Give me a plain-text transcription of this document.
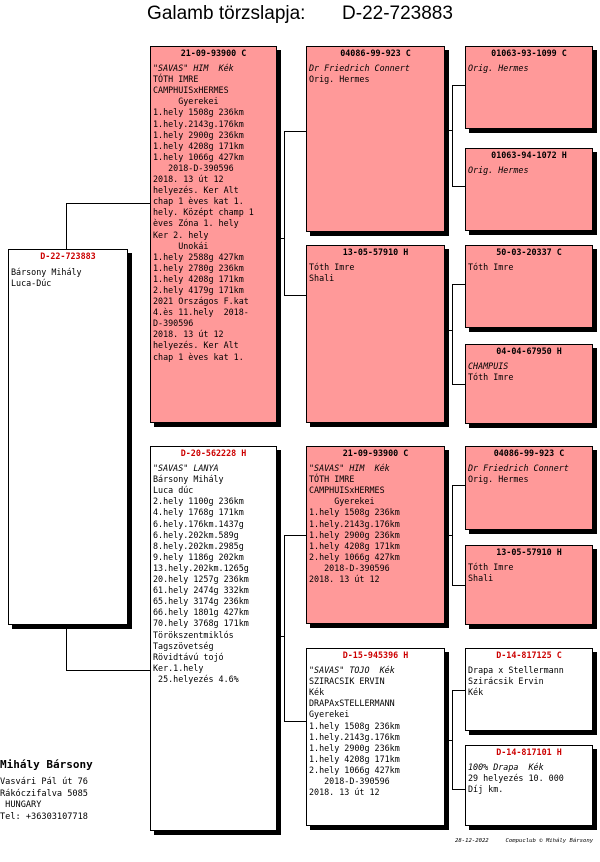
Galamb törzslapja: D-22-723883
D-22-723883
Bársony Mihály
Luca-Dúc
21-09-93900 C
"SAVAS" HIM Kék
TÓTH IMRE
CAMPHUISxHERMES
Gyerekei
1.hely 1508g 236km
1.hely.2143g.176km
1.hely 2900g 236km
1.hely 4208g 171km
1.hely 1066g 427km
2018-D-390596
2018. 13 út 12
helyezés. Ker Alt
chap 1 èves kat 1.
hely. Középt champ 1
èves Zóna 1. hely
Ker 2. hely
Unokái
1.hely 2588g 427km
1.hely 2780g 236km
1.hely 4208g 171km
2.hely 4179g 171km
2021 Országos F.kat
4.ès 11.hely  2018-
D-390596
2018. 13 út 12
helyezés. Ker Alt
chap 1 èves kat 1.
D-20-562228 H
"SAVAS" LANYA
Bársony Mihály
Luca dúc
2.hely 1100g 236km
4.hely 1768g 171km
6.hely.176km.1437g
6.hely.202km.589g
8.hely.202km.2985g
9.hely 1186g 202km
13.hely.202km.1265g
20.hely 1257g 236km
61.hely 2474g 332km
65.hely 3174g 236km
66.hely 1801g 427km
70.hely 3768g 171km
Törökszentmiklós
Tagszövetség
Rövidtávú tojó
Ker.1.hely
25.helyezés 4.6%
04086-99-923 C
Dr Friedrich Connert
Orig. Hermes
13-05-57910 H
Tóth Imre
Shali
21-09-93900 C
"SAVAS" HIM Kék
TÓTH IMRE
CAMPHUISxHERMES
Gyerekei
1.hely 1508g 236km
1.hely.2143g.176km
1.hely 2900g 236km
1.hely 4208g 171km
2.hely 1066g 427km
2018-D-390596
2018. 13 út 12
D-15-945396 H
"SAVAS" TOJO Kék
SZIRACSIK ERVIN
Kék
DRAPAxSTELLERMANN
Gyerekei
1.hely 1508g 236km
1.hely.2143g.176km
1.hely 2900g 236km
1.hely 4208g 171km
2.hely 1066g 427km
2018-D-390596
2018. 13 út 12
01063-93-1099 C
Orig. Hermes
01063-94-1072 H
Orig. Hermes
50-03-20337 C
Tóth Imre
04-04-67950 H
CHAMPUIS
Tóth Imre
04086-99-923 C
Dr Friedrich Connert
Orig. Hermes
13-05-57910 H
Tóth Imre
Shali
D-14-817125 C
Drapa x Stellermann
Szirácsik Ervin
Kék
D-14-817101 H
100% Drapa  Kék
29 helyezés 10. 000
Díj km.
Mihály Bársony
Vasvári Pál út 76
Rákóczifalva 5085
HUNGARY
Tel: +36303107718
28-12-2022	Compuclub © Mihály Bársony
